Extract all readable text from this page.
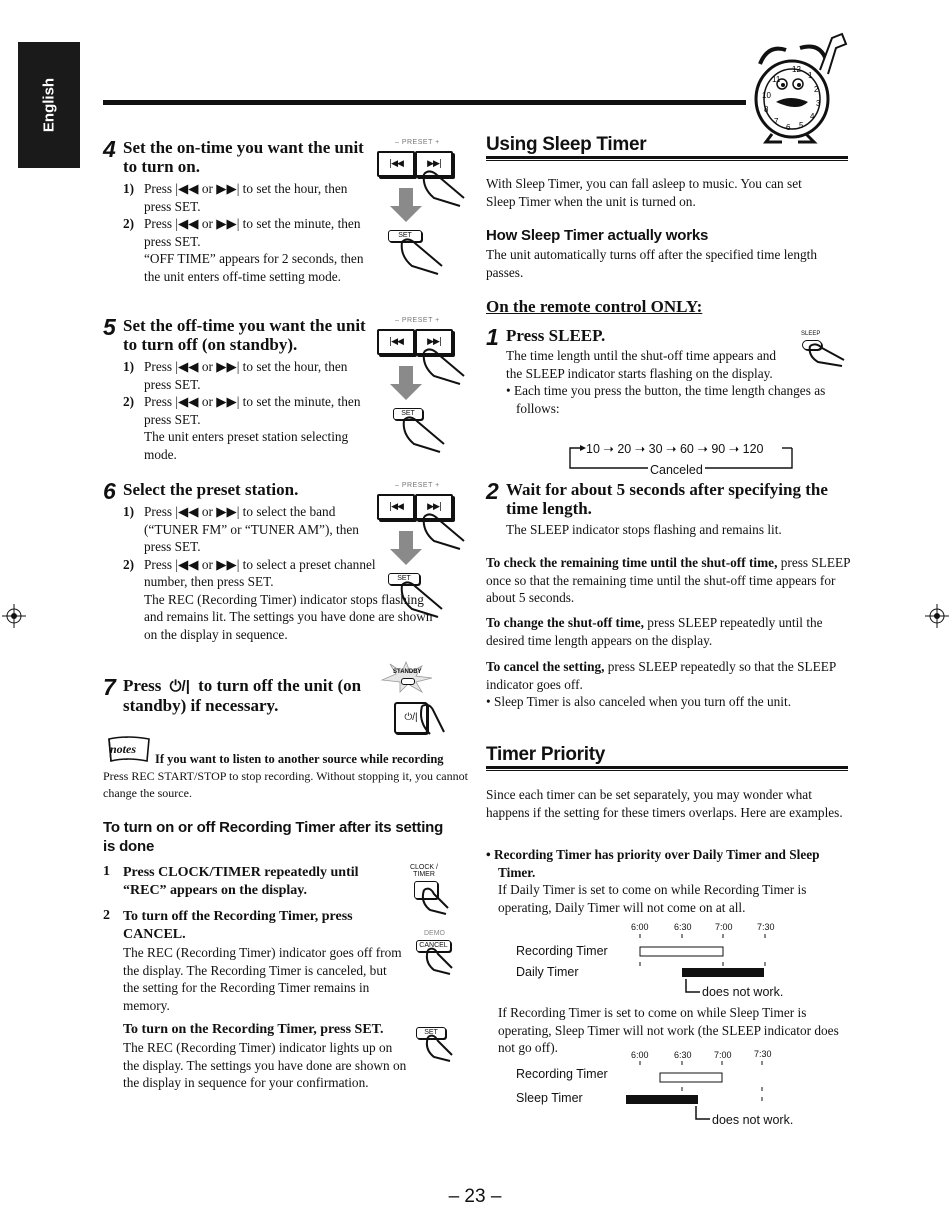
English	11
12
1
2
3
4
5
6
7
8
10
4 Set the on-time you want the unit to turn on.
1) Press |◀◀ or ▶▶| to set the hour, then press SET.
2) Press |◀◀ or ▶▶| to set the minute, then press SET.
“OFF TIME” appears for 2 seconds, then the unit enters off-time setting mode.
5 Set the off-time you want the unit to turn off (on standby).
1) Press |◀◀ or ▶▶| to set the hour, then press SET.
2) Press |◀◀ or ▶▶| to set the minute, then press SET.
The unit enters preset station selecting mode.
6 Select the preset station.
1) Press |◀◀ or ▶▶| to select the band (“TUNER FM” or “TUNER AM”), then press SET.
2) Press |◀◀ or ▶▶| to select a preset channel number, then press SET.
The REC (Recording Timer) indicator stops flashing and remains lit. The settings you have done are shown on the display in sequence.
7 Press ⏻/| to turn off the unit (on standby) if necessary.
– PRESET +
|◀◀	▶▶|
SET
– PRESET +
|◀◀	▶▶|
SET
– PRESET +
|◀◀	▶▶|
SET
STANDBY
⏻/|
notes
If you want to listen to another source while recording
Press REC START/STOP to stop recording. Without stopping it, you cannot change the source.
To turn on or off Recording Timer after its setting is done
1 Press CLOCK/TIMER repeatedly until “REC” appears on the display.
2 To turn off the Recording Timer, press CANCEL.
The REC (Recording Timer) indicator goes off from the display. The Recording Timer is canceled, but the setting for the Recording Timer remains in memory.
To turn on the Recording Timer, press SET.
The REC (Recording Timer) indicator lights up on the display. The settings you have done are shown on the display in sequence for your confirmation.
CLOCK / TIMER
DEMO
CANCEL
SET
Using Sleep Timer
With Sleep Timer, you can fall asleep to music. You can set Sleep Timer when the unit is turned on.
How Sleep Timer actually works
The unit automatically turns off after the specified time length passes.
On the remote control ONLY:
1 Press SLEEP.
The time length until the shut-off time appears and the SLEEP indicator starts flashing on the display.
• Each time you press the button, the time length changes as follows:
SLEEP
10 ➝ 20 ➝ 30 ➝ 60 ➝ 90 ➝ 120
Canceled
2 Wait for about 5 seconds after specifying the time length.
The SLEEP indicator stops flashing and remains lit.
To check the remaining time until the shut-off time, press SLEEP once so that the remaining time until the shut-off time appears for about 5 seconds.
To change the shut-off time, press SLEEP repeatedly until the desired time length appears on the display.
To cancel the setting, press SLEEP repeatedly so that the SLEEP indicator goes off.
• Sleep Timer is also canceled when you turn off the unit.
Timer Priority
Since each timer can be set separately, you may wonder what happens if the setting for these timers overlaps. Here are examples.
• Recording Timer has priority over Daily Timer and Sleep Timer.
If Daily Timer is set to come on while Recording Timer is operating, Daily Timer will not come on at all.
6:00	6:30	7:00	7:30
Recording Timer
Daily Timer
does not work.
If Recording Timer is set to come on while Sleep Timer is operating, Sleep Timer will not work (the SLEEP indicator does not go off).	6:00	6:30 7:00 7:30
Recording Timer
Sleep Timer
does not work.
– 23 –
